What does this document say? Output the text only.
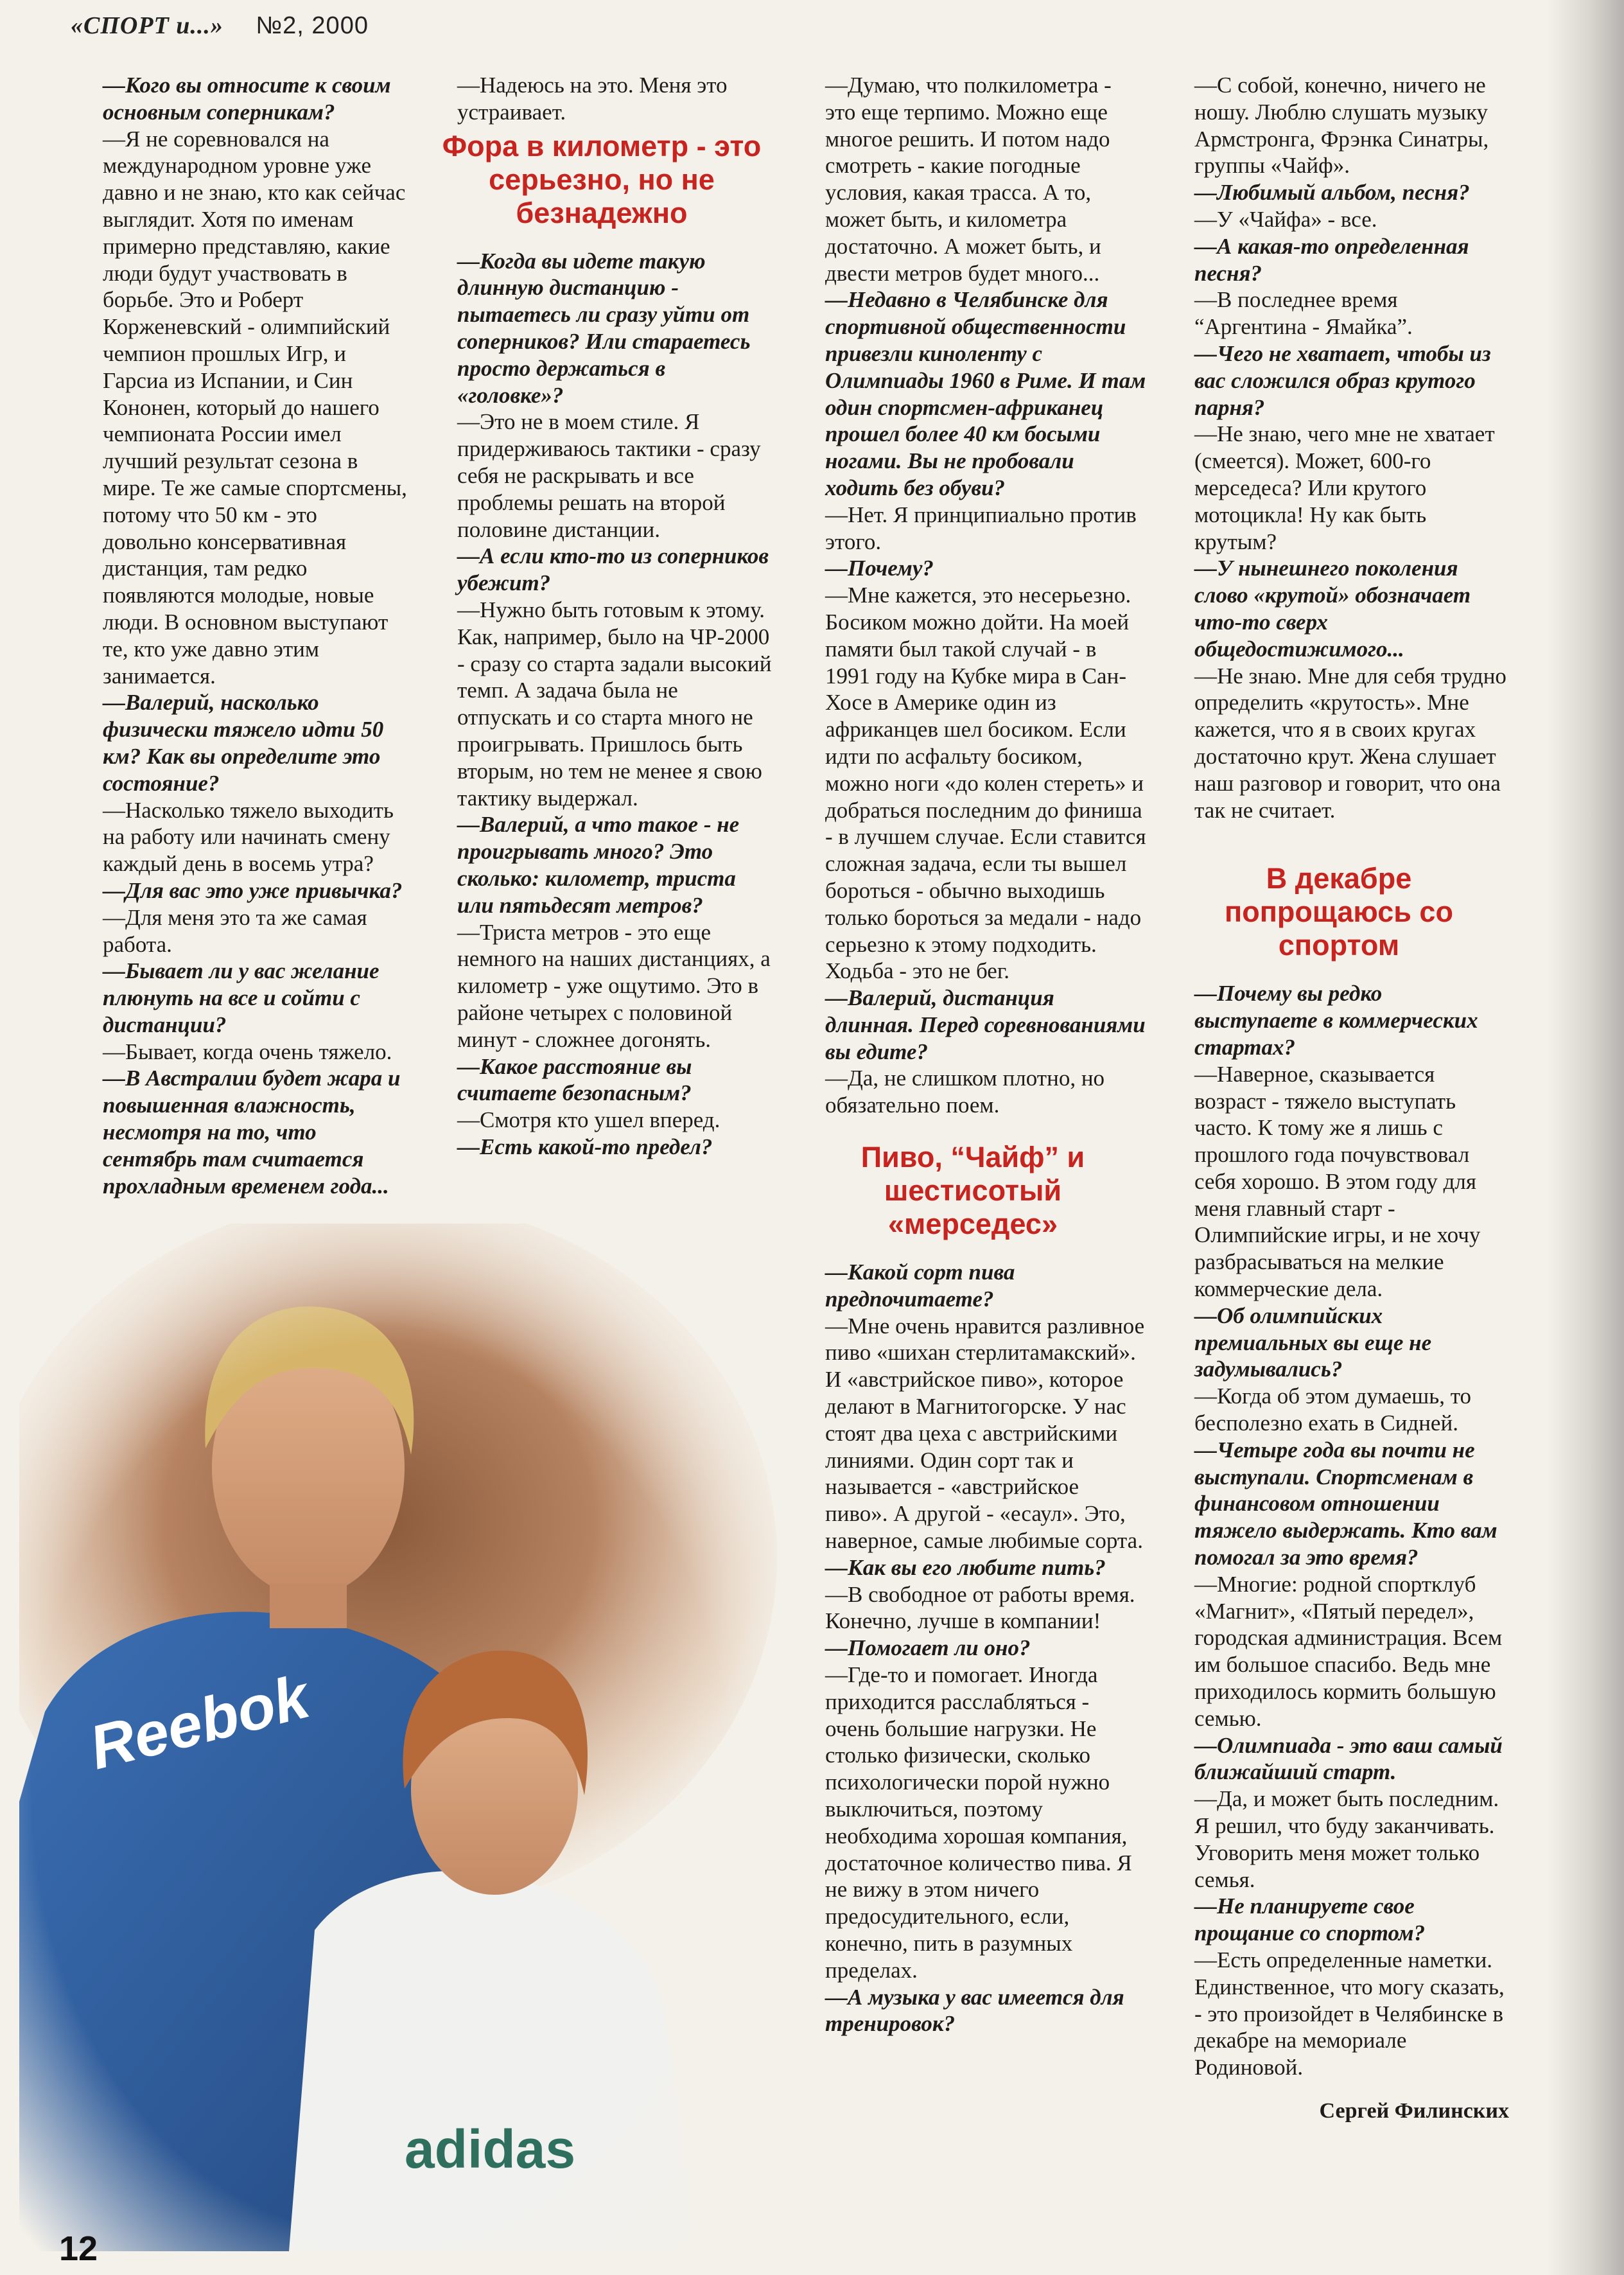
«СПОРТ и...» №2, 2000

—Кого вы относите к своим основным соперникам?

—Я не соревновался на международном уровне уже давно и не знаю, кто как сейчас выглядит. Хотя по именам примерно представляю, какие люди будут участвовать в борьбе. Это и Роберт Корженевский - олимпийский чемпион прошлых Игр, и Гарсиа из Испании, и Син Кононен, который до нашего чемпионата России имел лучший результат сезона в мире. Те же самые спортсмены, потому что 50 км - это довольно консервативная дистанция, там редко появляются молодые, новые люди. В основном выступают те, кто уже давно этим занимается.

—Валерий, насколько физически тяжело идти 50 км? Как вы определите это состояние?

—Насколько тяжело выходить на работу или начинать смену каждый день в восемь утра?

—Для вас это уже привычка?

—Для меня это та же самая работа.

—Бывает ли у вас желание плюнуть на все и сойти с дистанции?

—Бывает, когда очень тяжело.

—В Австралии будет жара и повышенная влажность, несмотря на то, что сентябрь там считается прохладным временем года...

—Надеюсь на это. Меня это устраивает.

Фора в километр - это серьезно, но не безнадежно

—Когда вы идете такую длинную дистанцию - пытаетесь ли сразу уйти от соперников? Или стараетесь просто держаться в «головке»?

—Это не в моем стиле. Я придерживаюсь тактики - сразу себя не раскрывать и все проблемы решать на второй половине дистанции.

—А если кто-то из соперников убежит?

—Нужно быть готовым к этому. Как, например, было на ЧР-2000 - сразу со старта задали высокий темп. А задача была не отпускать и со старта много не проигрывать. Пришлось быть вторым, но тем не менее я свою тактику выдержал.

—Валерий, а что такое - не проигрывать много? Это сколько: километр, триста или пятьдесят метров?

—Триста метров - это еще немного на наших дистанциях, а километр - уже ощутимо. Это в районе четырех с половиной минут - сложнее догонять.

—Какое расстояние вы считаете безопасным?

—Смотря кто ушел вперед.

—Есть какой-то предел?

—Думаю, что полкилометра - это еще терпимо. Можно еще многое решить. И потом надо смотреть - какие погодные условия, какая трасса. А то, может быть, и километра достаточно. А может быть, и двести метров будет много...

—Недавно в Челябинске для спортивной общественности привезли киноленту с Олимпиады 1960 в Риме. И там один спортсмен-африканец прошел более 40 км босыми ногами. Вы не пробовали ходить без обуви?

—Нет. Я принципиально против этого.

—Почему?

—Мне кажется, это несерьезно. Босиком можно дойти. На моей памяти был такой случай - в 1991 году на Кубке мира в Сан-Хосе в Америке один из африканцев шел босиком. Если идти по асфальту босиком, можно ноги «до колен стереть» и добраться последним до финиша - в лучшем случае. Если ставится сложная задача, если ты вышел бороться - обычно выходишь только бороться за медали - надо серьезно к этому подходить. Ходьба - это не бег.

—Валерий, дистанция длинная. Перед соревнованиями вы едите?

—Да, не слишком плотно, но обязательно поем.

Пиво, “Чайф” и шестисотый «мерседес»

—Какой сорт пива предпочитаете?

—Мне очень нравится разливное пиво «шихан стерлитамакский». И «австрийское пиво», которое делают в Магнитогорске. У нас стоят два цеха с австрийскими линиями. Один сорт так и называется - «австрийское пиво». А другой - «есаул». Это, наверное, самые любимые сорта.

—Как вы его любите пить?

—В свободное от работы время. Конечно, лучше в компании!

—Помогает ли оно?

—Где-то и помогает. Иногда приходится расслабляться - очень большие нагрузки. Не столько физически, сколько психологически порой нужно выключиться, поэтому необходима хорошая компания, достаточное количество пива. Я не вижу в этом ничего предосудительного, если, конечно, пить в разумных пределах.

—А музыка у вас имеется для тренировок?

—С собой, конечно, ничего не ношу. Люблю слушать музыку Армстронга, Фрэнка Синатры, группы «Чайф».

—Любимый альбом, песня?

—У «Чайфа» - все.

—А какая-то определенная песня?

—В последнее время “Аргентина - Ямайка”.

—Чего не хватает, чтобы из вас сложился образ крутого парня?

—Не знаю, чего мне не хватает (смеется). Может, 600-го мерседеса? Или крутого мотоцикла! Ну как быть крутым?

—У нынешнего поколения слово «крутой» обозначает что-то сверх общедостижимого...

—Не знаю. Мне для себя трудно определить «крутость». Мне кажется, что я в своих кругах достаточно крут. Жена слушает наш разговор и говорит, что она так не считает.

В декабре попрощаюсь со спортом

—Почему вы редко выступаете в коммерческих стартах?

—Наверное, сказывается возраст - тяжело выступать часто. К тому же я лишь с прошлого года почувствовал себя хорошо. В этом году для меня главный старт - Олимпийские игры, и не хочу разбрасываться на мелкие коммерческие дела.

—Об олимпийских премиальных вы еще не задумывались?

—Когда об этом думаешь, то бесполезно ехать в Сидней.

—Четыре года вы почти не выступали. Спортсменам в финансовом отношении тяжело выдержать. Кто вам помогал за это время?

—Многие: родной спортклуб «Магнит», «Пятый передел», городская администрация. Всем им большое спасибо. Ведь мне приходилось кормить большую семью.

—Олимпиада - это ваш самый ближайший старт.

—Да, и может быть последним. Я решил, что буду заканчивать. Уговорить меня может только семья.

—Не планируете свое прощание со спортом?

—Есть определенные наметки. Единственное, что могу сказать, - это произойдет в Челябинске в декабре на мемориале Родиновой.

Сергей Филинских
12
